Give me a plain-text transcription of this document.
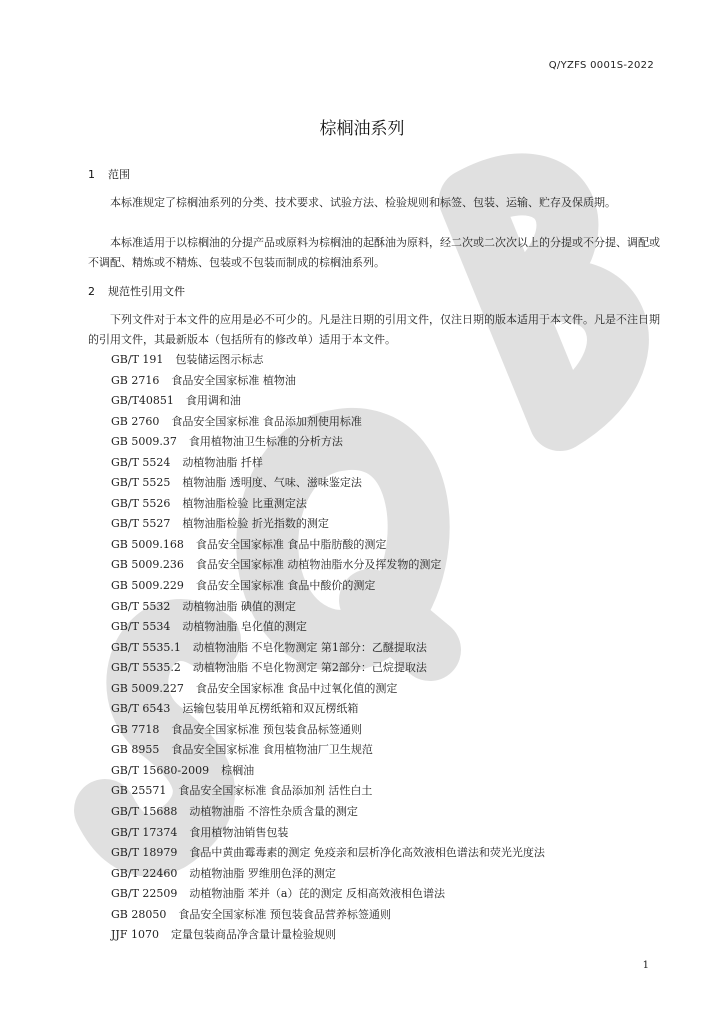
Q/YZFS 0001S-2022
棕榈油系列
1 范围
本标准规定了棕榈油系列的分类、技术要求、试验方法、检验规则和标签、包装、运输、贮存及保质期。
本标准适用于以棕榈油的分提产品或原料为棕榈油的起酥油为原料，经二次或二次次以上的分提或不分提、调配或不调配、精炼或不精炼、包装或不包装而制成的棕榈油系列。
2 规范性引用文件
下列文件对于本文件的应用是必不可少的。凡是注日期的引用文件，仅注日期的版本适用于本文件。凡是不注日期的引用文件，其最新版本（包括所有的修改单）适用于本文件。
GB/T 191 包装储运图示标志
GB 2716 食品安全国家标准 植物油
GB/T40851 食用调和油
GB 2760 食品安全国家标准 食品添加剂使用标准
GB 5009.37 食用植物油卫生标准的分析方法
GB/T 5524 动植物油脂 扦样
GB/T 5525 植物油脂 透明度、气味、滋味鉴定法
GB/T 5526 植物油脂检验 比重测定法
GB/T 5527 植物油脂检验 折光指数的测定
GB 5009.168 食品安全国家标准 食品中脂肪酸的测定
GB 5009.236 食品安全国家标准 动植物油脂水分及挥发物的测定
GB 5009.229 食品安全国家标准 食品中酸价的测定
GB/T 5532 动植物油脂 碘值的测定
GB/T 5534 动植物油脂 皂化值的测定
GB/T 5535.1 动植物油脂 不皂化物测定 第1部分：乙醚提取法
GB/T 5535.2 动植物油脂 不皂化物测定 第2部分：己烷提取法
GB 5009.227 食品安全国家标准 食品中过氧化值的测定
GB/T 6543 运输包装用单瓦楞纸箱和双瓦楞纸箱
GB 7718 食品安全国家标准 预包装食品标签通则
GB 8955 食品安全国家标准 食用植物油厂卫生规范
GB/T 15680-2009 棕榈油
GB 25571 食品安全国家标准 食品添加剂 活性白土
GB/T 15688 动植物油脂 不溶性杂质含量的测定
GB/T 17374 食用植物油销售包装
GB/T 18979 食品中黄曲霉毒素的测定 免疫亲和层析净化高效液相色谱法和荧光光度法
GB/T 22460 动植物油脂 罗维朋色泽的测定
GB/T 22509 动植物油脂 苯并（a）芘的测定 反相高效液相色谱法
GB 28050 食品安全国家标准 预包装食品营养标签通则
JJF 1070 定量包装商品净含量计量检验规则
1
